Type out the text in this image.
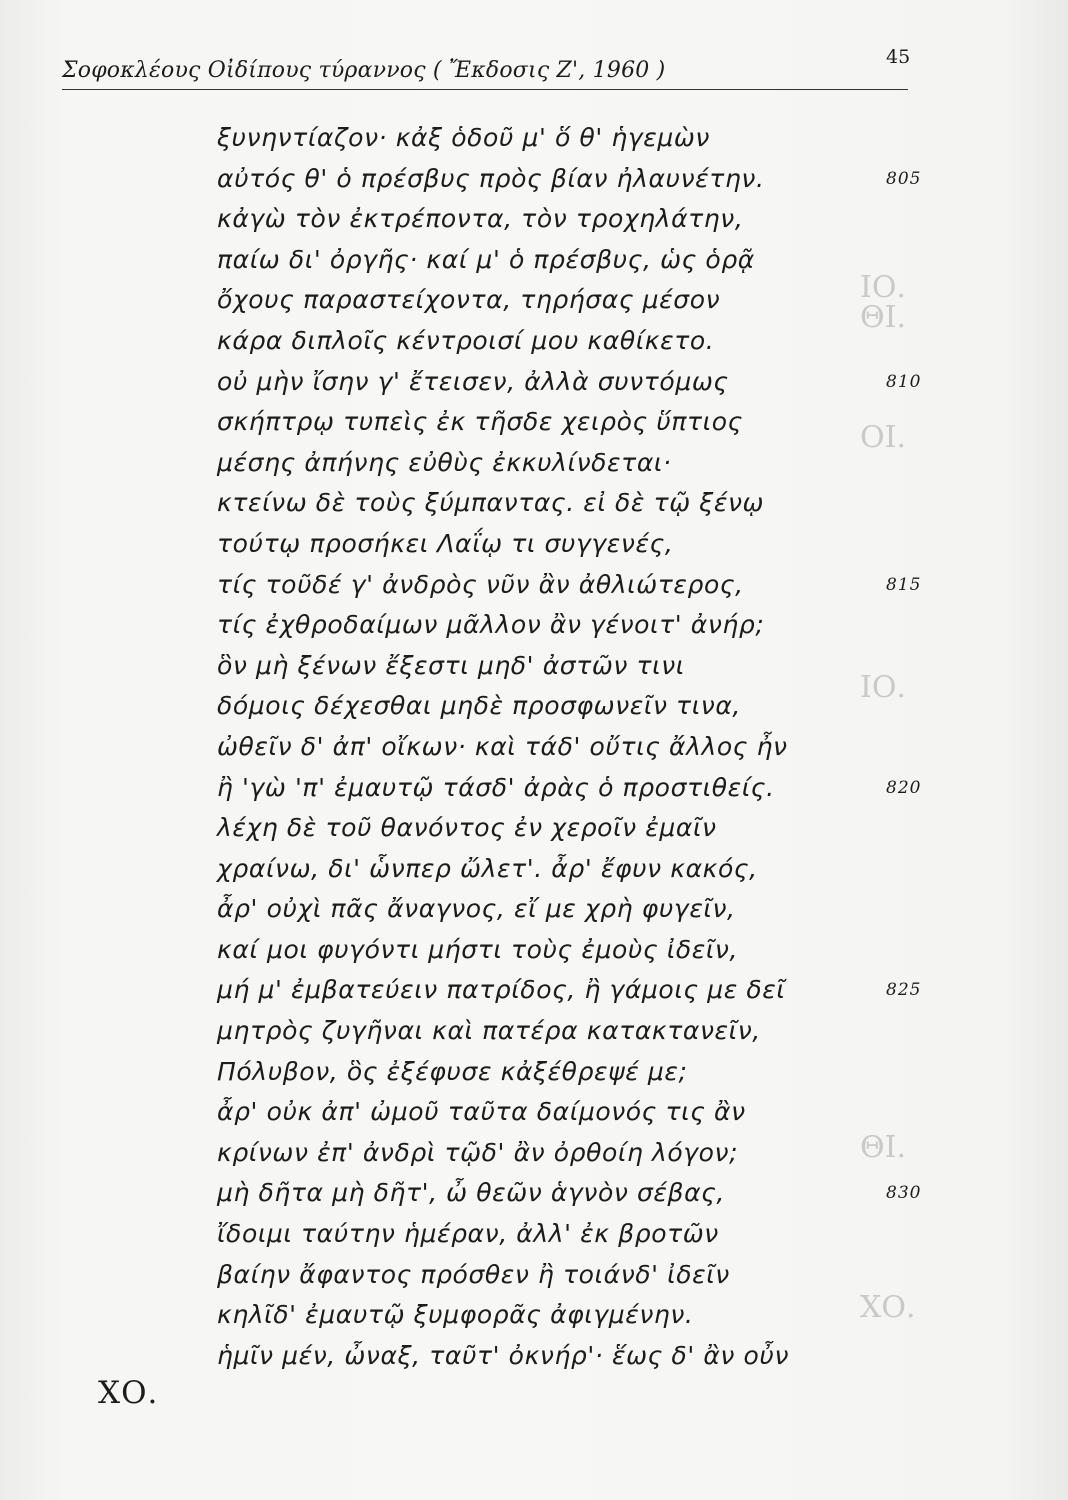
Σοφοκλέους Οἰδίπους τύραννος ( Ἔκδοσις Ζ', 1960 )
45
ΙΟ.
ΘΙ.
ΟΙ.
ΙΟ.
ΘΙ.
ΧΟ.
ξυνηντίαζον· κἀξ ὁδοῦ μ' ὅ θ' ἡγεμὼν
αὐτός θ' ὁ πρέσβυς πρὸς βίαν ἠλαυνέτην.	805
κἀγὼ τὸν ἐκτρέποντα, τὸν τροχηλάτην,
παίω δι' ὀργῆς· καί μ' ὁ πρέσβυς, ὡς ὁρᾷ
ὄχους παραστείχοντα, τηρήσας μέσον
κάρα διπλοῖς κέντροισί μου καθίκετο.
οὐ μὴν ἴσην γ' ἔτεισεν, ἀλλὰ συντόμως	810
σκήπτρῳ τυπεὶς ἐκ τῆσδε χειρὸς ὕπτιος
μέσης ἀπήνης εὐθὺς ἐκκυλίνδεται·
κτείνω δὲ τοὺς ξύμπαντας. εἰ δὲ τῷ ξένῳ
τούτῳ προσήκει Λαΐῳ τι συγγενές,
τίς τοῦδέ γ' ἀνδρὸς νῦν ἂν ἀθλιώτερος,	815
τίς ἐχθροδαίμων μᾶλλον ἂν γένοιτ' ἀνήρ;
ὃν μὴ ξένων ἔξεστι μηδ' ἀστῶν τινι
δόμοις δέχεσθαι μηδὲ προσφωνεῖν τινα,
ὠθεῖν δ' ἀπ' οἴκων· καὶ τάδ' οὔτις ἄλλος ἦν
ἢ 'γὼ 'π' ἐμαυτῷ τάσδ' ἀρὰς ὁ προστιθείς.	820
λέχη δὲ τοῦ θανόντος ἐν χεροῖν ἐμαῖν
χραίνω, δι' ὧνπερ ὤλετ'. ἆρ' ἔφυν κακός,
ἆρ' οὐχὶ πᾶς ἄναγνος, εἴ με χρὴ φυγεῖν,
καί μοι φυγόντι μήστι τοὺς ἐμοὺς ἰδεῖν,
μή μ' ἐμβατεύειν πατρίδος, ἢ γάμοις με δεῖ	825
μητρὸς ζυγῆναι καὶ πατέρα κατακτανεῖν,
Πόλυβον, ὃς ἐξέφυσε κἀξέθρεψέ με;
ἆρ' οὐκ ἀπ' ὠμοῦ ταῦτα δαίμονός τις ἂν
κρίνων ἐπ' ἀνδρὶ τῷδ' ἂν ὀρθοίη λόγον;
μὴ δῆτα μὴ δῆτ', ὦ θεῶν ἁγνὸν σέβας,	830
ἴδοιμι ταύτην ἡμέραν, ἀλλ' ἐκ βροτῶν
βαίην ἄφαντος πρόσθεν ἢ τοιάνδ' ἰδεῖν
κηλῖδ' ἐμαυτῷ ξυμφορᾶς ἀφιγμένην.
ἡμῖν μέν, ὦναξ, ταῦτ' ὀκνήρ'· ἕως δ' ἂν οὖν
ΧΟ.
